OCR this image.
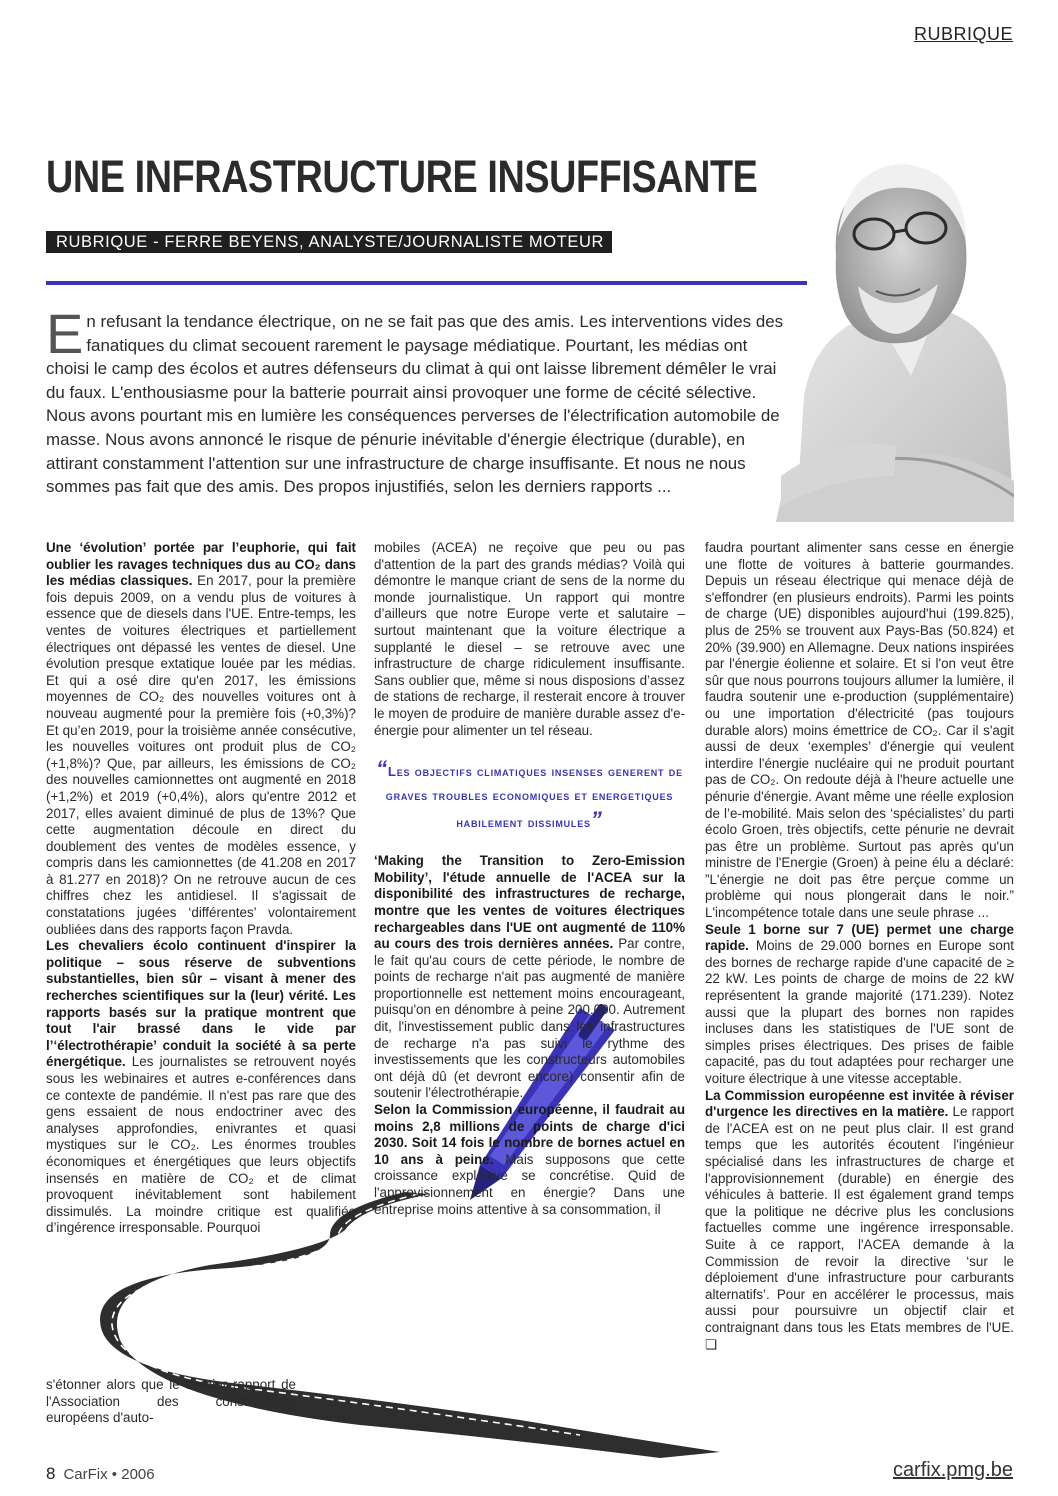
RUBRIQUE
UNE INFRASTRUCTURE INSUFFISANTE
RUBRIQUE - FERRE BEYENS, ANALYSTE/JOURNALISTE MOTEUR

En refusant la tendance électrique, on ne se fait pas que des amis. Les interventions vides des fanatiques du climat secouent rarement le paysage médiatique. Pourtant, les médias ont choisi le camp des écolos et autres défenseurs du climat à qui ont laisse librement démêler le vrai du faux. L'enthousiasme pour la batterie pourrait ainsi provoquer une forme de cécité sélective. Nous avons pourtant mis en lumière les conséquences perverses de l'électrification automobile de masse. Nous avons annoncé le risque de pénurie inévitable d'énergie électrique (durable), en attirant constamment l'attention sur une infrastructure de charge insuffisante. Et nous ne nous sommes pas fait que des amis. Des propos injustifiés, selon les derniers rapports ...

Une ‘évolution’ portée par l’euphorie, qui fait oublier les ravages techniques dus au CO₂ dans les médias classiques. En 2017, pour la première fois depuis 2009, on a vendu plus de voitures à essence que de diesels dans l'UE. Entre-temps, les ventes de voitures électriques et partiellement électriques ont dépassé les ventes de diesel. Une évolution presque extatique louée par les médias. Et qui a osé dire qu'en 2017, les émissions moyennes de CO₂ des nouvelles voitures ont à nouveau augmenté pour la première fois (+0,3%)? Et qu’en 2019, pour la troisième année consécutive, les nouvelles voitures ont produit plus de CO₂ (+1,8%)? Que, par ailleurs, les émissions de CO₂ des nouvelles camionnettes ont augmenté en 2018 (+1,2%) et 2019 (+0,4%), alors qu'entre 2012 et 2017, elles avaient diminué de plus de 13%? Que cette augmentation découle en direct du doublement des ventes de modèles essence, y compris dans les camionnettes (de 41.208 en 2017 à 81.277 en 2018)? On ne retrouve aucun de ces chiffres chez les antidiesel. Il s'agissait de constatations jugées ‘différentes’ volontairement oubliées dans des rapports façon Pravda.

Les chevaliers écolo continuent d'inspirer la politique – sous réserve de subventions substantielles, bien sûr – visant à mener des recherches scientifiques sur la (leur) vérité. Les rapports basés sur la pratique montrent que tout l'air brassé dans le vide par l’‘électrothérapie’ conduit la société à sa perte énergétique. Les journalistes se retrouvent noyés sous les webinaires et autres e-conférences dans ce contexte de pandémie. Il n'est pas rare que des gens essaient de nous endoctriner avec des analyses approfondies, enivrantes et quasi mystiques sur le CO₂. Les énormes troubles économiques et énergétiques que leurs objectifs insensés en matière de CO₂ et de climat provoquent inévitablement sont habilement dissimulés. La moindre critique est qualifiée d’ingérence irresponsable. Pourquoi

s'étonner alors que le dernier rapport de l'Association des constructeurs européens d'auto-

mobiles (ACEA) ne reçoive que peu ou pas d'attention de la part des grands médias? Voilà qui démontre le manque criant de sens de la norme du monde journalistique. Un rapport qui montre d’ailleurs que notre Europe verte et salutaire – surtout maintenant que la voiture électrique a supplanté le diesel – se retrouve avec une infrastructure de charge ridiculement insuffisante. Sans oublier que, même si nous disposions d’assez de stations de recharge, il resterait encore à trouver le moyen de produire de manière durable assez d'e-énergie pour alimenter un tel réseau.

“Les objectifs climatiques insenses generent de graves troubles economiques et energetiques habilement dissimules”

‘Making the Transition to Zero-Emission Mobility’, l'étude annuelle de l'ACEA sur la disponibilité des infrastructures de recharge, montre que les ventes de voitures électriques rechargeables dans l'UE ont augmenté de 110% au cours des trois dernières années. Par contre, le fait qu'au cours de cette période, le nombre de points de recharge n'ait pas augmenté de manière proportionnelle est nettement moins encourageant, puisqu'on en dénombre à peine 200.000. Autrement dit, l'investissement public dans les infrastructures de recharge n'a pas suivi le rythme des investissements que les constructeurs automobiles ont déjà dû (et devront encore) consentir afin de soutenir l'électrothérapie.

Selon la Commission européenne, il faudrait au moins 2,8 millions de points de charge d'ici 2030. Soit 14 fois le nombre de bornes actuel en 10 ans à peine. Mais supposons que cette croissance explosive se concrétise. Quid de l'approvisionnement en énergie? Dans une entreprise moins attentive à sa consommation, il

faudra pourtant alimenter sans cesse en énergie une flotte de voitures à batterie gourmandes. Depuis un réseau électrique qui menace déjà de s'effondrer (en plusieurs endroits). Parmi les points de charge (UE) disponibles aujourd'hui (199.825), plus de 25% se trouvent aux Pays-Bas (50.824) et 20% (39.900) en Allemagne. Deux nations inspirées par l'énergie éolienne et solaire. Et si l'on veut être sûr que nous pourrons toujours allumer la lumière, il faudra soutenir une e-production (supplémentaire) ou une importation d'électricité (pas toujours durable alors) moins émettrice de CO₂. Car il s'agit aussi de deux ‘exemples’ d'énergie qui veulent interdire l'énergie nucléaire qui ne produit pourtant pas de CO₂. On redoute déjà à l'heure actuelle une pénurie d'énergie. Avant même une réelle explosion de l’e-mobilité. Mais selon des ‘spécialistes’ du parti écolo Groen, très objectifs, cette pénurie ne devrait pas être un problème. Surtout pas après qu'un ministre de l'Energie (Groen) à peine élu a déclaré: ”L'énergie ne doit pas être perçue comme un problème qui nous plongerait dans le noir.” L'incompétence totale dans une seule phrase ...

Seule 1 borne sur 7 (UE) permet une charge rapide. Moins de 29.000 bornes en Europe sont des bornes de recharge rapide d'une capacité de ≥ 22 kW. Les points de charge de moins de 22 kW représentent la grande majorité (171.239). Notez aussi que la plupart des bornes non rapides incluses dans les statistiques de l'UE sont de simples prises électriques. Des prises de faible capacité, pas du tout adaptées pour recharger une voiture électrique à une vitesse acceptable.

La Commission européenne est invitée à réviser d'urgence les directives en la matière. Le rapport de l'ACEA est on ne peut plus clair. Il est grand temps que les autorités écoutent l'ingénieur spécialisé dans les infrastructures de charge et l'approvisionnement (durable) en énergie des véhicules à batterie. Il est également grand temps que la politique ne décrive plus les conclusions factuelles comme une ingérence irresponsable. Suite à ce rapport, l'ACEA demande à la Commission de revoir la directive ‘sur le déploiement d'une infrastructure pour carburants alternatifs’. Pour en accélérer le processus, mais aussi pour poursuivre un objectif clair et contraignant dans tous les Etats membres de l'UE. ❏

8 CarFix • 2006	carfix.pmg.be
